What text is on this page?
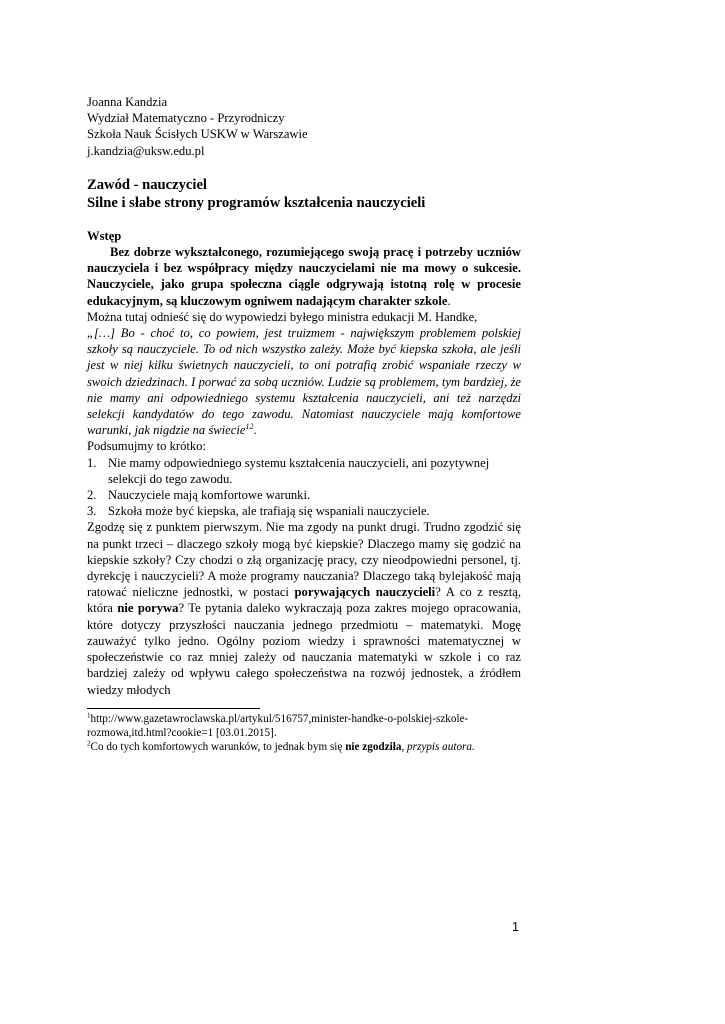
Joanna Kandzia

Wydział Matematyczno - Przyrodniczy

Szkoła Nauk Ścisłych USKW w Warszawie

j.kandzia@uksw.edu.pl

Zawód - nauczyciel
Silne i słabe strony programów kształcenia nauczycieli
Wstęp

Bez dobrze wykształconego, rozumiejącego swoją pracę i potrzeby uczniów nauczyciela i bez współpracy między nauczycielami nie ma mowy o sukcesie. Nauczyciele, jako grupa społeczna ciągle odgrywają istotną rolę w procesie edukacyjnym, są kluczowym ogniwem nadającym charakter szkole.

Można tutaj odnieść się do wypowiedzi byłego ministra edukacji M. Handke,

„[…] Bo - choć to, co powiem, jest truizmem - największym problemem polskiej szkoły są nauczyciele. To od nich wszystko zależy. Może być kiepska szkoła, ale jeśli jest w niej kilku świetnych nauczycieli, to oni potrafią zrobić wspaniałe rzeczy w swoich dziedzinach. I porwać za sobą uczniów. Ludzie są problemem, tym bardziej, że nie mamy ani odpowiedniego systemu kształcenia nauczycieli, ani też narzędzi selekcji kandydatów do tego zawodu. Natomiast nauczyciele mają komfortowe warunki, jak nigdzie na świecie$^{12}$.

Podsumujmy to krótko:

1. Nie mamy odpowiedniego systemu kształcenia nauczycieli, ani pozytywnej selekcji do tego zawodu.
2. Nauczyciele mają komfortowe warunki.
3. Szkoła może być kiepska, ale trafiają się wspaniali nauczyciele.

Zgodzę się z punktem pierwszym. Nie ma zgody na punkt drugi. Trudno zgodzić się na punkt trzeci – dlaczego szkoły mogą być kiepskie? Dlaczego mamy się godzić na kiepskie szkoły? Czy chodzi o złą organizację pracy, czy nieodpowiedni personel, tj. dyrekcję i nauczycieli? A może programy nauczania? Dlaczego taką bylejakość mają ratować nieliczne jednostki, w postaci porywających nauczycieli? A co z resztą, która nie porywa? Te pytania daleko wykraczają poza zakres mojego opracowania, które dotyczy przyszłości nauczania jednego przedmiotu – matematyki. Mogę zauważyć tylko jedno. Ogólny poziom wiedzy i sprawności matematycznej w społeczeństwie co raz mniej zależy od nauczania matematyki w szkole i co raz bardziej zależy od wpływu całego społeczeństwa na rozwój jednostek, a źródłem wiedzy młodych

$^1$http://www.gazetawroclawska.pl/artykul/516757,minister-handke-o-polskiej-szkole-rozmowa,itd.html?cookie=1 [03.01.2015].

$^2$Co do tych komfortowych warunków, to jednak bym się nie zgodziła, przypis autora.

1
